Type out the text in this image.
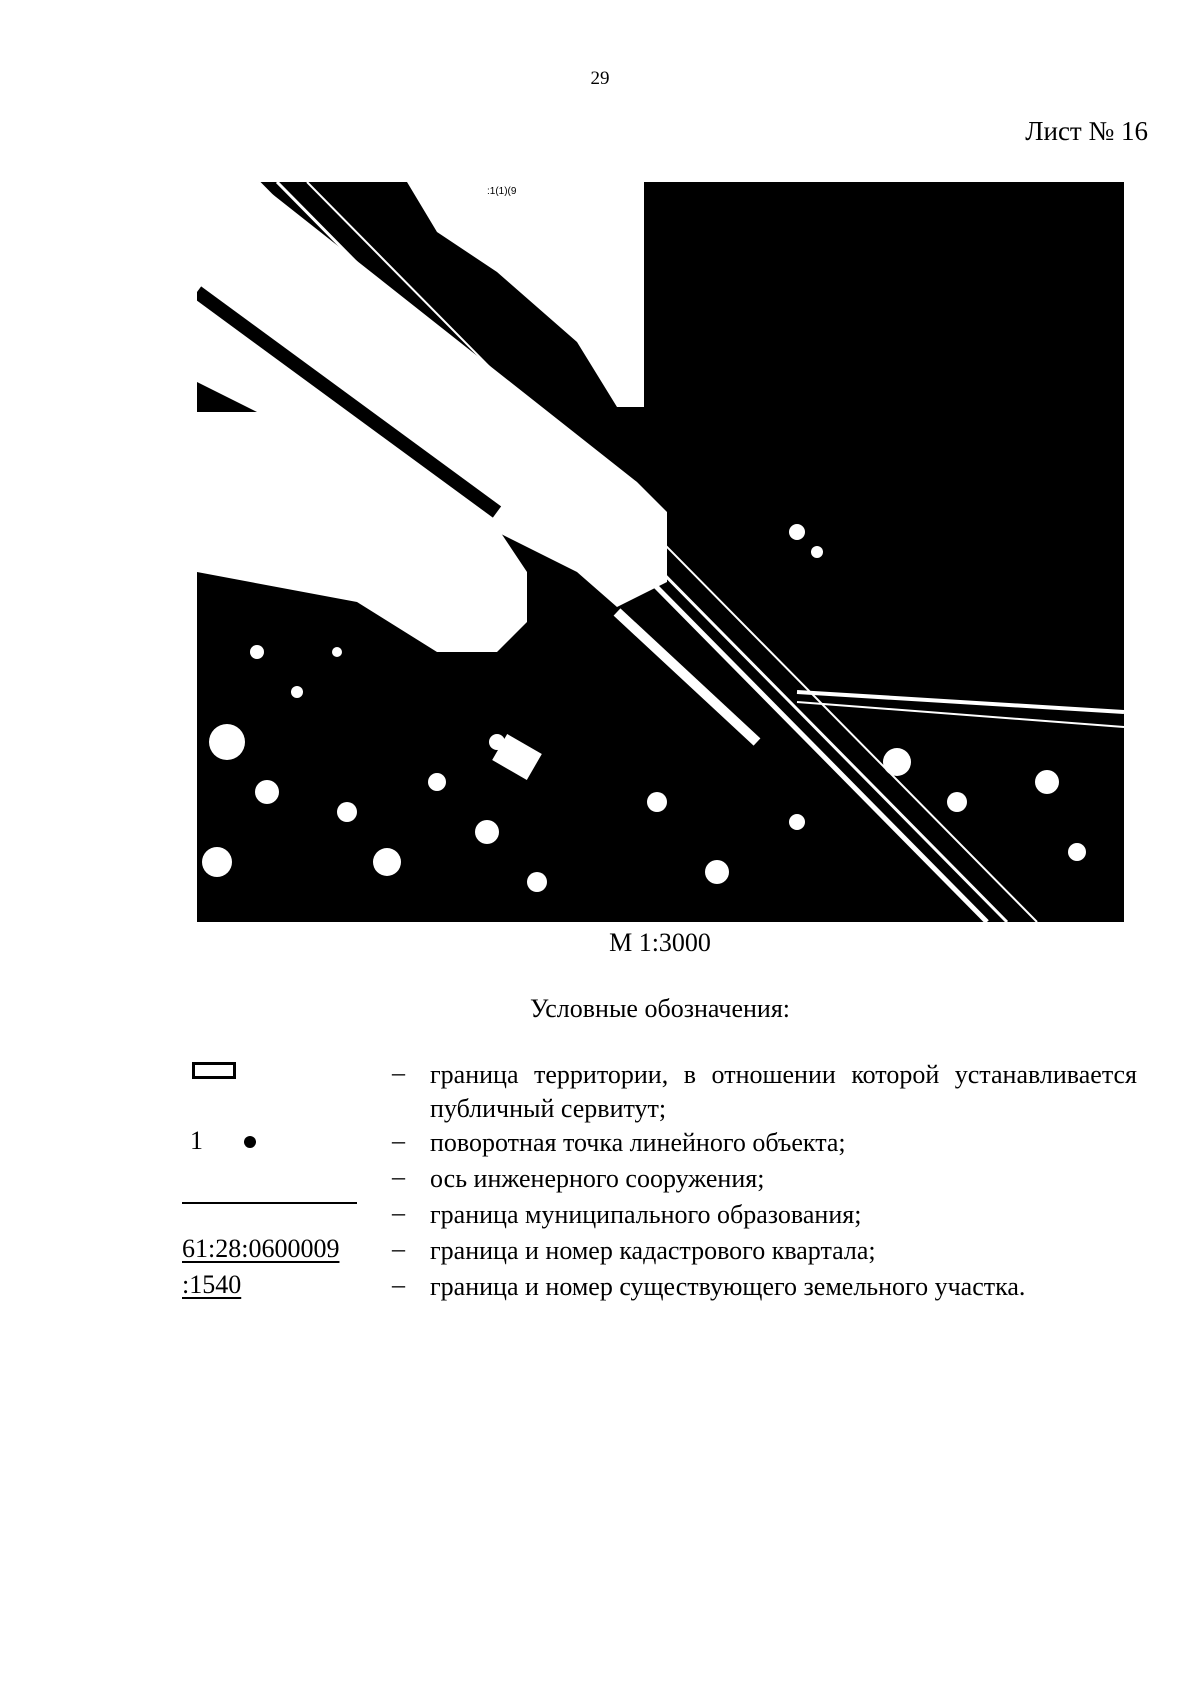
29
Лист № 16
:1617(2)
:1(1)(9
М 1:3000
Условные обозначения:
– граница территории, в отношении которой устанавливается публичный сервитут;
1	– поворотная точка линейного объекта;
– ось инженерного сооружения;
– граница муниципального образования;
61:28:0600009	– граница и номер кадастрового квартала;
:1540	– граница и номер существующего земельного участка.
